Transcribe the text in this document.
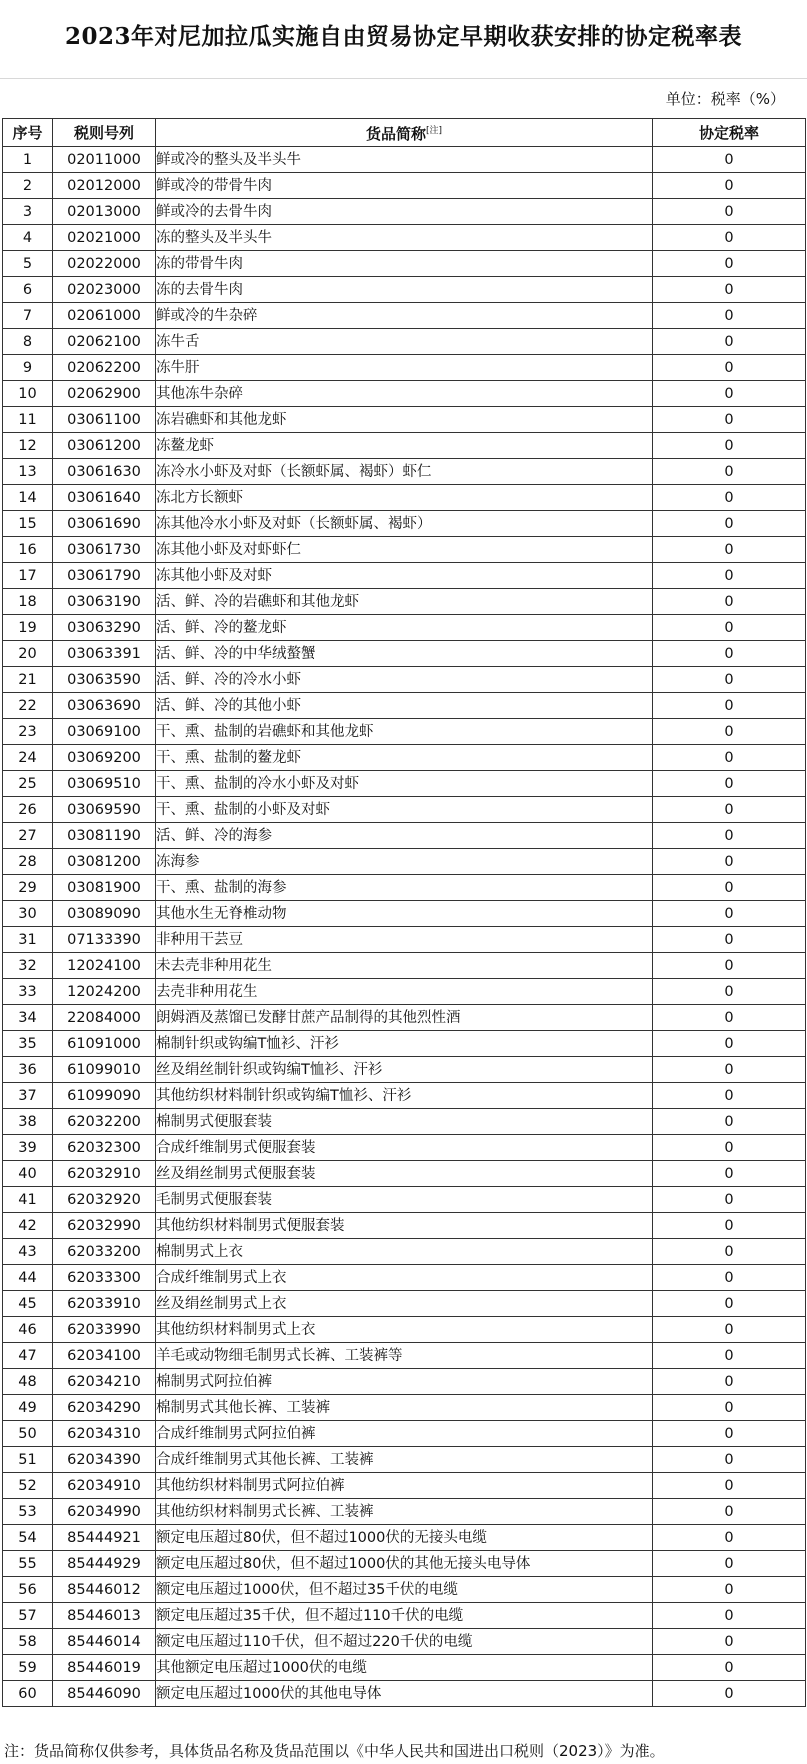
2023年对尼加拉瓜实施自由贸易协定早期收获安排的协定税率表
单位：税率（%）
序号	税则号列	货品简称[注]	协定税率
1	02011000	鲜或冷的整头及半头牛	0
2	02012000	鲜或冷的带骨牛肉	0
3	02013000	鲜或冷的去骨牛肉	0
4	02021000	冻的整头及半头牛	0
5	02022000	冻的带骨牛肉	0
6	02023000	冻的去骨牛肉	0
7	02061000	鲜或冷的牛杂碎	0
8	02062100	冻牛舌	0
9	02062200	冻牛肝	0
10	02062900	其他冻牛杂碎	0
11	03061100	冻岩礁虾和其他龙虾	0
12	03061200	冻鳌龙虾	0
13	03061630	冻冷水小虾及对虾（长额虾属、褐虾）虾仁	0
14	03061640	冻北方长额虾	0
15	03061690	冻其他冷水小虾及对虾（长额虾属、褐虾）	0
16	03061730	冻其他小虾及对虾虾仁	0
17	03061790	冻其他小虾及对虾	0
18	03063190	活、鲜、冷的岩礁虾和其他龙虾	0
19	03063290	活、鲜、冷的鳌龙虾	0
20	03063391	活、鲜、冷的中华绒螯蟹	0
21	03063590	活、鲜、冷的冷水小虾	0
22	03063690	活、鲜、冷的其他小虾	0
23	03069100	干、熏、盐制的岩礁虾和其他龙虾	0
24	03069200	干、熏、盐制的鳌龙虾	0
25	03069510	干、熏、盐制的冷水小虾及对虾	0
26	03069590	干、熏、盐制的小虾及对虾	0
27	03081190	活、鲜、冷的海参	0
28	03081200	冻海参	0
29	03081900	干、熏、盐制的海参	0
30	03089090	其他水生无脊椎动物	0
31	07133390	非种用干芸豆	0
32	12024100	未去壳非种用花生	0
33	12024200	去壳非种用花生	0
34	22084000	朗姆酒及蒸馏已发酵甘蔗产品制得的其他烈性酒	0
35	61091000	棉制针织或钩编T恤衫、汗衫	0
36	61099010	丝及绢丝制针织或钩编T恤衫、汗衫	0
37	61099090	其他纺织材料制针织或钩编T恤衫、汗衫	0
38	62032200	棉制男式便服套装	0
39	62032300	合成纤维制男式便服套装	0
40	62032910	丝及绢丝制男式便服套装	0
41	62032920	毛制男式便服套装	0
42	62032990	其他纺织材料制男式便服套装	0
43	62033200	棉制男式上衣	0
44	62033300	合成纤维制男式上衣	0
45	62033910	丝及绢丝制男式上衣	0
46	62033990	其他纺织材料制男式上衣	0
47	62034100	羊毛或动物细毛制男式长裤、工装裤等	0
48	62034210	棉制男式阿拉伯裤	0
49	62034290	棉制男式其他长裤、工装裤	0
50	62034310	合成纤维制男式阿拉伯裤	0
51	62034390	合成纤维制男式其他长裤、工装裤	0
52	62034910	其他纺织材料制男式阿拉伯裤	0
53	62034990	其他纺织材料制男式长裤、工装裤	0
54	85444921	额定电压超过80伏，但不超过1000伏的无接头电缆	0
55	85444929	额定电压超过80伏，但不超过1000伏的其他无接头电导体	0
56	85446012	额定电压超过1000伏，但不超过35千伏的电缆	0
57	85446013	额定电压超过35千伏，但不超过110千伏的电缆	0
58	85446014	额定电压超过110千伏，但不超过220千伏的电缆	0
59	85446019	其他额定电压超过1000伏的电缆	0
60	85446090	额定电压超过1000伏的其他电导体	0
注：货品简称仅供参考，具体货品名称及货品范围以《中华人民共和国进出口税则（2023）》为准。
